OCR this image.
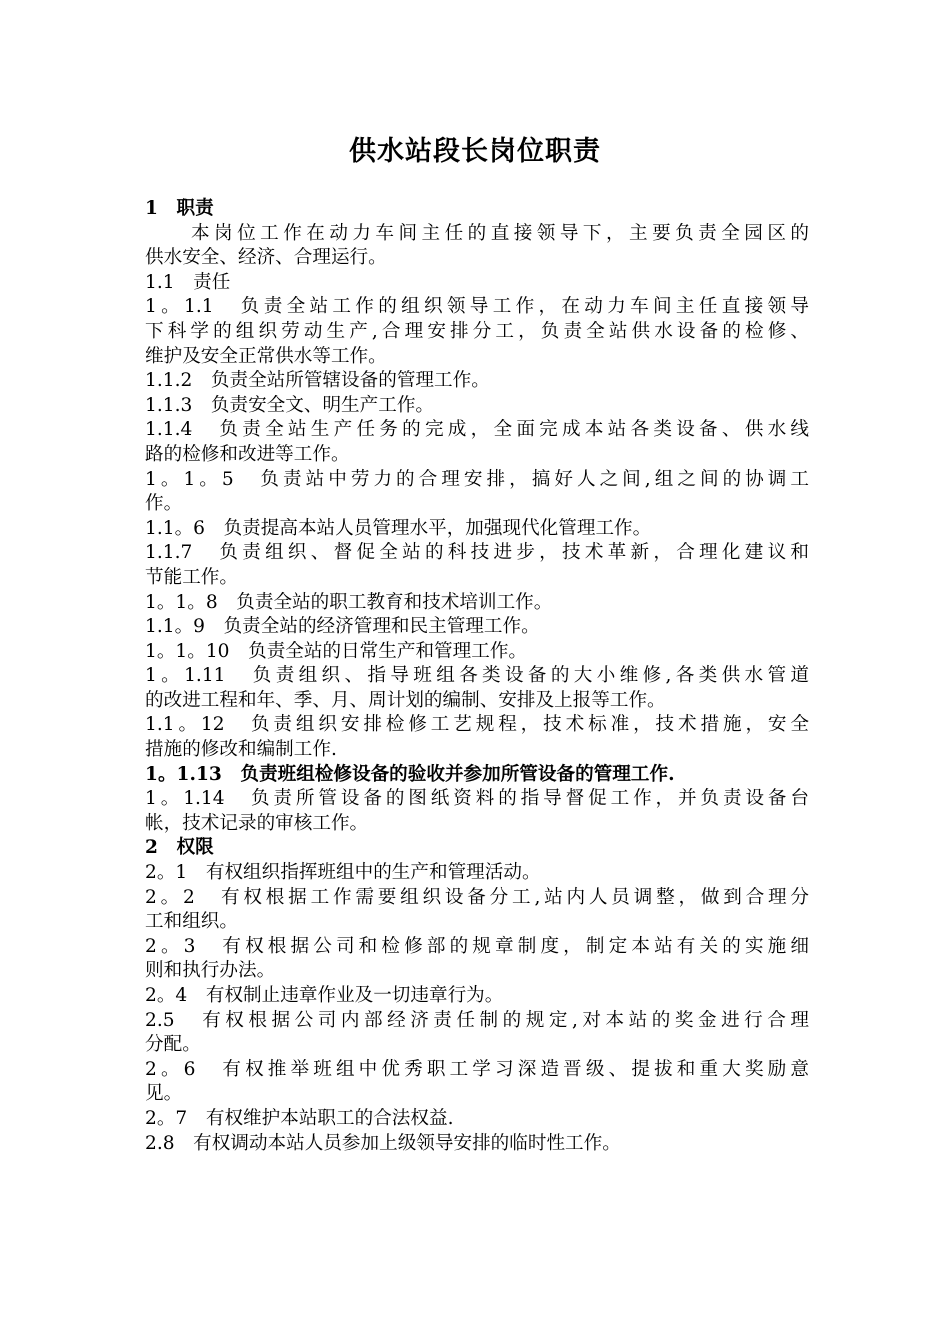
供水站段长岗位职责
1　职责
本岗位工作在动力车间主任的直接领导下，主要负责全园区的
供水安全、经济、合理运行。
1.1　责任
1。1.1　负责全站工作的组织领导工作，在动力车间主任直接领导
下科学的组织劳动生产,合理安排分工，负责全站供水设备的检修、
维护及安全正常供水等工作。
1.1.2　负责全站所管辖设备的管理工作。
1.1.3　负责安全文、明生产工作。
1.1.4　负责全站生产任务的完成，全面完成本站各类设备、供水线
路的检修和改进等工作。
1。1。5　负责站中劳力的合理安排，搞好人之间,组之间的协调工
作。
1.1。6　负责提高本站人员管理水平，加强现代化管理工作。
1.1.7　负责组织、督促全站的科技进步，技术革新，合理化建议和
节能工作。
1。1。8　负责全站的职工教育和技术培训工作。
1.1。9　负责全站的经济管理和民主管理工作。
1。1。10　负责全站的日常生产和管理工作。
1。1.11　负责组织、指导班组各类设备的大小维修,各类供水管道
的改进工程和年、季、月、周计划的编制、安排及上报等工作。
1.1。12　负责组织安排检修工艺规程，技术标准，技术措施，安全
措施的修改和编制工作.
1。1.13　负责班组检修设备的验收并参加所管设备的管理工作.
1。1.14　负责所管设备的图纸资料的指导督促工作，并负责设备台
帐，技术记录的审核工作。
2　权限
2。1　有权组织指挥班组中的生产和管理活动。
2。2　有权根据工作需要组织设备分工,站内人员调整，做到合理分
工和组织。
2。3　有权根据公司和检修部的规章制度，制定本站有关的实施细
则和执行办法。
2。4　有权制止违章作业及一切违章行为。
2.5　有权根据公司内部经济责任制的规定,对本站的奖金进行合理
分配。
2。6　有权推举班组中优秀职工学习深造晋级、提拔和重大奖励意
见。
2。7　有权维护本站职工的合法权益.
2.8　有权调动本站人员参加上级领导安排的临时性工作。
